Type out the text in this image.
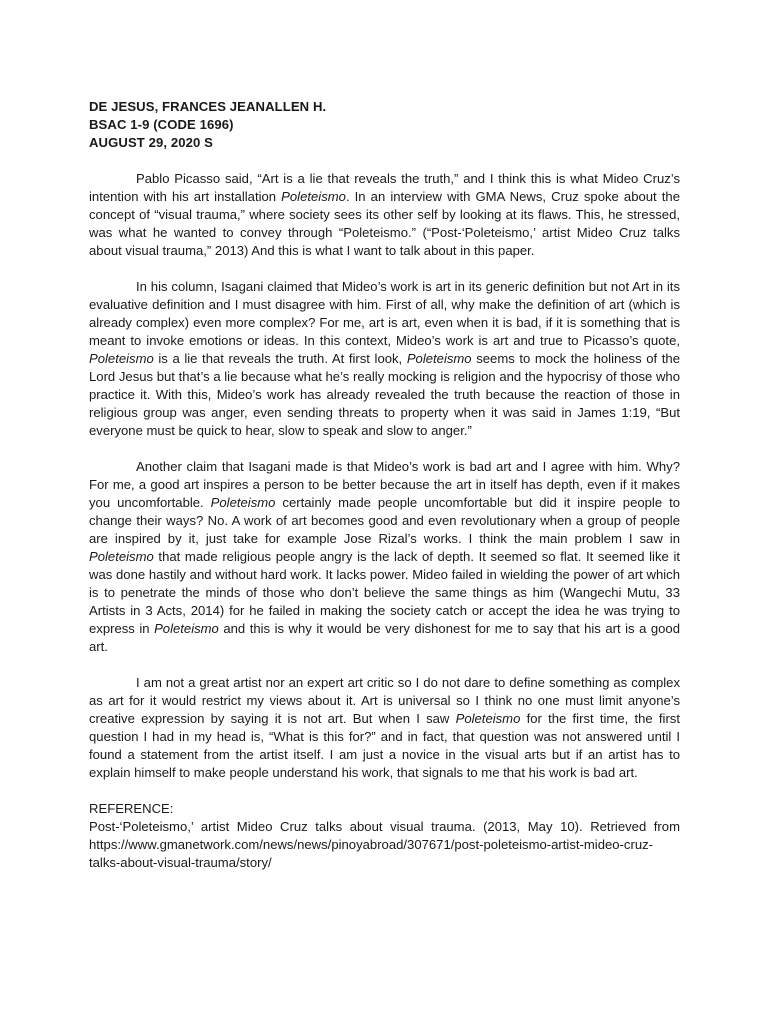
DE JESUS, FRANCES JEANALLEN H.
BSAC 1-9 (CODE 1696)
AUGUST 29, 2020 S

Pablo Picasso said, “Art is a lie that reveals the truth,” and I think this is what Mideo Cruz’s intention with his art installation Poleteismo. In an interview with GMA News, Cruz spoke about the concept of “visual trauma,” where society sees its other self by looking at its flaws. This, he stressed, was what he wanted to convey through “Poleteismo.” (“Post-‘Poleteismo,’ artist Mideo Cruz talks about visual trauma,” 2013) And this is what I want to talk about in this paper.

In his column, Isagani claimed that Mideo’s work is art in its generic definition but not Art in its evaluative definition and I must disagree with him. First of all, why make the definition of art (which is already complex) even more complex? For me, art is art, even when it is bad, if it is something that is meant to invoke emotions or ideas. In this context, Mideo’s work is art and true to Picasso’s quote, Poleteismo is a lie that reveals the truth. At first look, Poleteismo seems to mock the holiness of the Lord Jesus but that’s a lie because what he’s really mocking is religion and the hypocrisy of those who practice it. With this, Mideo’s work has already revealed the truth because the reaction of those in religious group was anger, even sending threats to property when it was said in James 1:19, “But everyone must be quick to hear, slow to speak and slow to anger.”

Another claim that Isagani made is that Mideo’s work is bad art and I agree with him. Why? For me, a good art inspires a person to be better because the art in itself has depth, even if it makes you uncomfortable. Poleteismo certainly made people uncomfortable but did it inspire people to change their ways? No. A work of art becomes good and even revolutionary when a group of people are inspired by it, just take for example Jose Rizal’s works. I think the main problem I saw in Poleteismo that made religious people angry is the lack of depth. It seemed so flat. It seemed like it was done hastily and without hard work. It lacks power. Mideo failed in wielding the power of art which is to penetrate the minds of those who don’t believe the same things as him (Wangechi Mutu, 33 Artists in 3 Acts, 2014) for he failed in making the society catch or accept the idea he was trying to express in Poleteismo and this is why it would be very dishonest for me to say that his art is a good art.

I am not a great artist nor an expert art critic so I do not dare to define something as complex as art for it would restrict my views about it. Art is universal so I think no one must limit anyone’s creative expression by saying it is not art. But when I saw Poleteismo for the first time, the first question I had in my head is, “What is this for?” and in fact, that question was not answered until I found a statement from the artist itself. I am just a novice in the visual arts but if an artist has to explain himself to make people understand his work, that signals to me that his work is bad art.

REFERENCE:
Post-‘Poleteismo,’ artist Mideo Cruz talks about visual trauma. (2013, May 10). Retrieved from https://www.gmanetwork.com/news/news/pinoyabroad/307671/post-poleteismo-artist-mideo-cruz-talks-about-visual-trauma/story/
